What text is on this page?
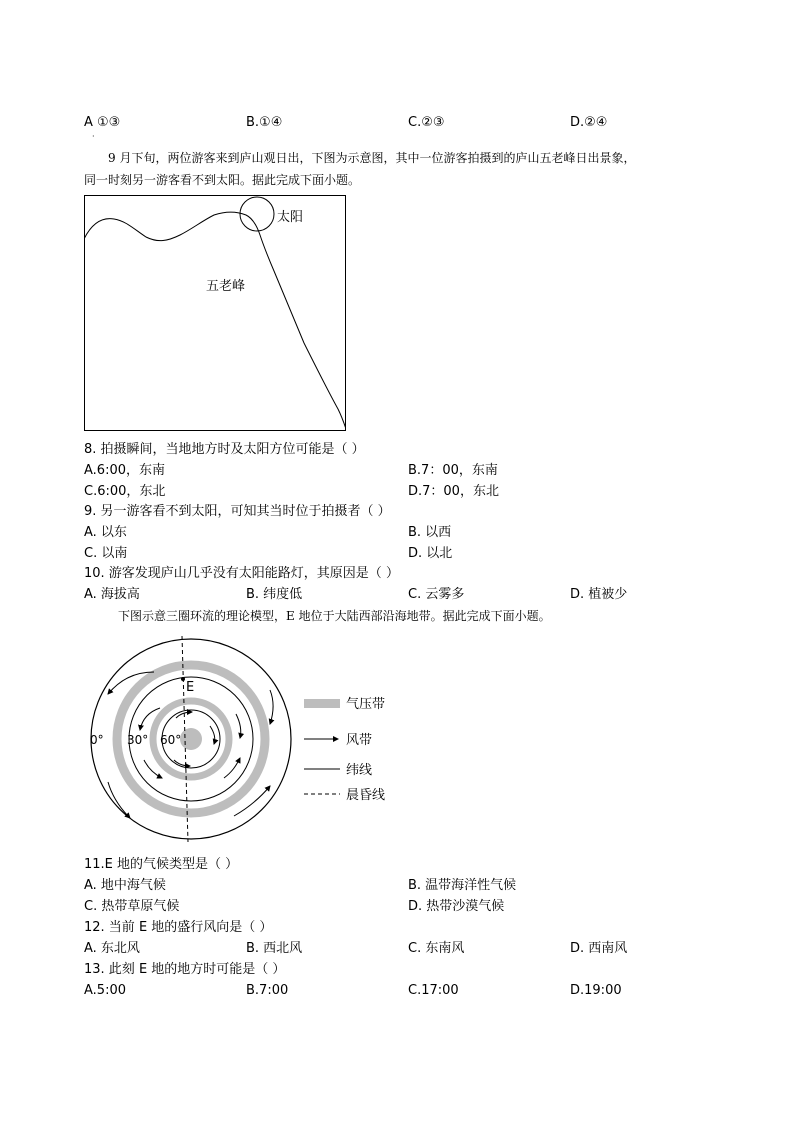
A ①③	B.①④	C.②③	D.②④
·
9 月下旬，两位游客来到庐山观日出，下图为示意图，其中一位游客拍摄到的庐山五老峰日出景象，
同一时刻另一游客看不到太阳。据此完成下面小题。
太阳
五老峰
8. 拍摄瞬间，当地地方时及太阳方位可能是（ ）
A.6:00，东南	B.7：00，东南
C.6:00，东北	D.7：00，东北
9. 另一游客看不到太阳，可知其当时位于拍摄者（ ）
A. 以东	B. 以西
C. 以南	D. 以北
10. 游客发现庐山几乎没有太阳能路灯，其原因是（ ）
A. 海拔高	B. 纬度低	C. 云雾多	D. 植被少
下图示意三圈环流的理论模型，E 地位于大陆西部沿海地带。据此完成下面小题。
E
0° 30° 60°
气压带
风带
纬线
晨昏线
11.E 地的气候类型是（ ）
A. 地中海气候	B. 温带海洋性气候
C. 热带草原气候	D. 热带沙漠气候
12. 当前 E 地的盛行风向是（ ）
A. 东北风	B. 西北风	C. 东南风	D. 西南风
13. 此刻 E 地的地方时可能是（ ）
A.5:00	B.7:00	C.17:00	D.19:00
